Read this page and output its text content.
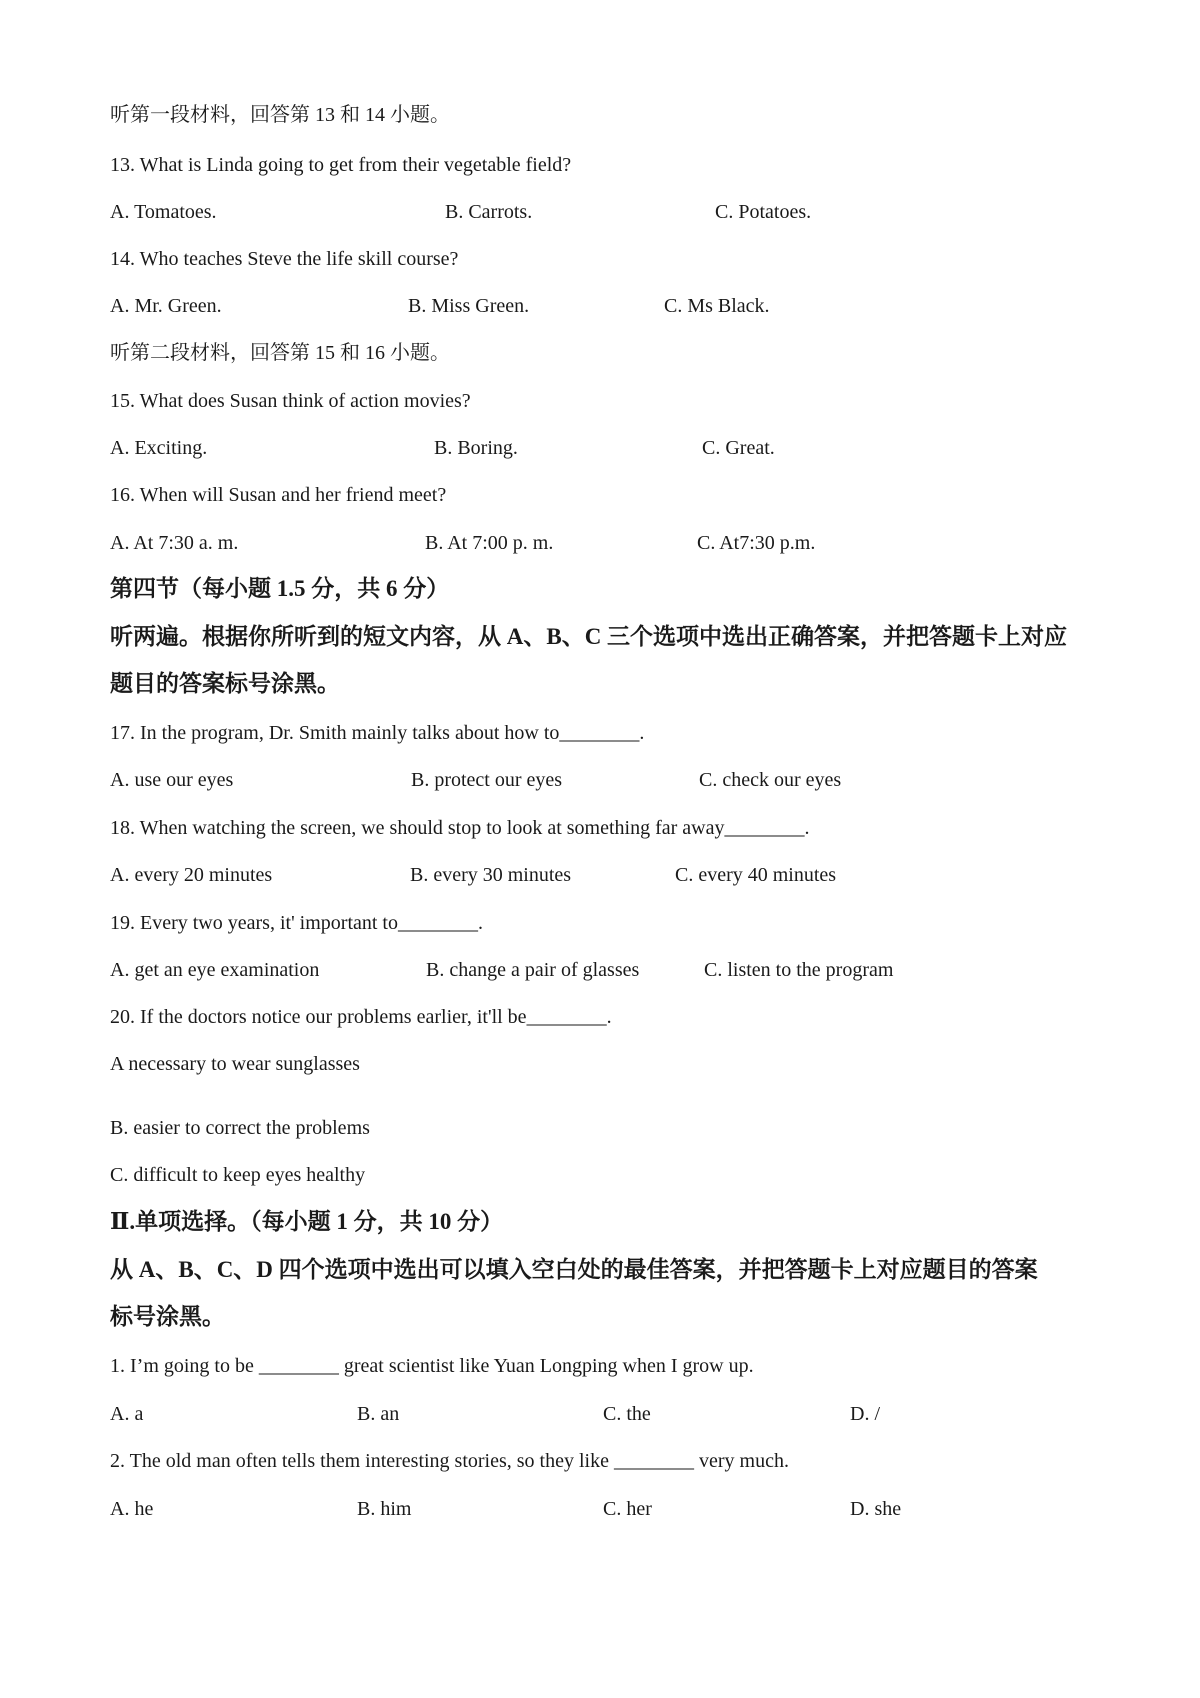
听第一段材料，回答第 13 和 14 小题。
13. What is Linda going to get from their vegetable field?
A. Tomatoes.	B. Carrots.	C. Potatoes.
14. Who teaches Steve the life skill course?
A. Mr. Green.	B. Miss Green.	C. Ms Black.
听第二段材料，回答第 15 和 16 小题。
15. What does Susan think of action movies?
A. Exciting.	B. Boring.	C. Great.
16. When will Susan and her friend meet?
A. At 7:30 a. m.	B. At 7:00 p. m.	C. At7:30 p.m.
第四节（每小题 1.5 分，共 6 分）
听两遍。根据你所听到的短文内容，从 A、B、C 三个选项中选出正确答案，并把答题卡上对应
题目的答案标号涂黑。
17. In the program, Dr. Smith mainly talks about how to________.
A. use our eyes	B. protect our eyes	C. check our eyes
18. When watching the screen, we should stop to look at something far away________.
A. every 20 minutes	B. every 30 minutes	C. every 40 minutes
19. Every two years, it' important to________.
A. get an eye examination	B. change a pair of glasses	C. listen to the program
20. If the doctors notice our problems earlier, it'll be________.
A necessary to wear sunglasses
B. easier to correct the problems
C. difficult to keep eyes healthy
Ⅱ.单项选择。（每小题 1 分，共 10 分）
从 A、B、C、D 四个选项中选出可以填入空白处的最佳答案，并把答题卡上对应题目的答案
标号涂黑。
1. I’m going to be ________ great scientist like Yuan Longping when I grow up.
A. a	B. an	C. the	D. /
2. The old man often tells them interesting stories, so they like ________ very much.
A. he	B. him	C. her	D. she
